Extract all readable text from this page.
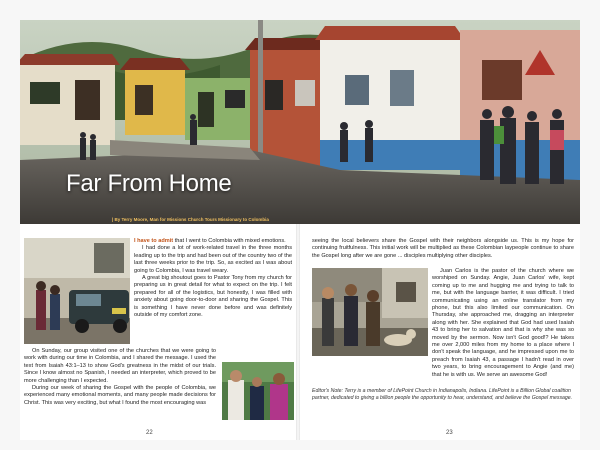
Far From Home
| By Terry Moore, Man for Missions Church Tours Missionary to Colombia

I have to admit that I went to Colombia with mixed emotions.

I had done a lot of work-related travel in the three months leading up to the trip and had been out of the country two of the last three weeks prior to the trip. So, as excited as I was about going to Colombia, I was travel weary.

A great big shoutout goes to Pastor Tony from my church for preparing us in great detail for what to expect on the trip. I felt prepared for all of the logistics, but honestly, I was filled with anxiety about going door-to-door and sharing the Gospel. This is something I have never done before and was definitely outside of my comfort zone.

On Sunday, our group visited one of the churches that we were going to work with during our time in Colombia, and I shared the message. I used the text from Isaiah 43:1–13 to show God's greatness in the midst of our trials. Since I know almost no Spanish, I needed an interpreter, which proved to be more challenging than I expected.

During our week of sharing the Gospel with the people of Colombia, we experienced many emotional moments, and many people made decisions for Christ. This was very exciting, but what I found the most encouraging was

22

seeing the local believers share the Gospel with their neighbors alongside us. This is my hope for continuing fruitfulness. This initial work will be multiplied as these Colombian laypeople continue to share the Gospel long after we are gone ... disciples multiplying other disciples.

Juan Carlos is the pastor of the church where we worshiped on Sunday. Angie, Juan Carlos' wife, kept coming up to me and hugging me and trying to talk to me, but with the language barrier, it was difficult. I tried communicating using an online translator from my phone, but this also limited our communication. On Thursday, she approached me, dragging an interpreter along with her. She explained that God had used Isaiah 43 to bring her to salvation and that is why she was so moved by the sermon. Now isn't God good!? He takes me over 2,000 miles from my home to a place where I don't speak the language, and he impressed upon me to preach from Isaiah 43, a passage I hadn't read in over two years, to bring encouragement to Angie (and me) that he is with us. We serve an awesome God!

Editor's Note: Terry is a member of LifePoint Church in Indianapolis, Indiana. LifePoint is a Billion Global coalition partner, dedicated to giving a billion people the opportunity to hear, understand, and believe the Gospel message.
23
